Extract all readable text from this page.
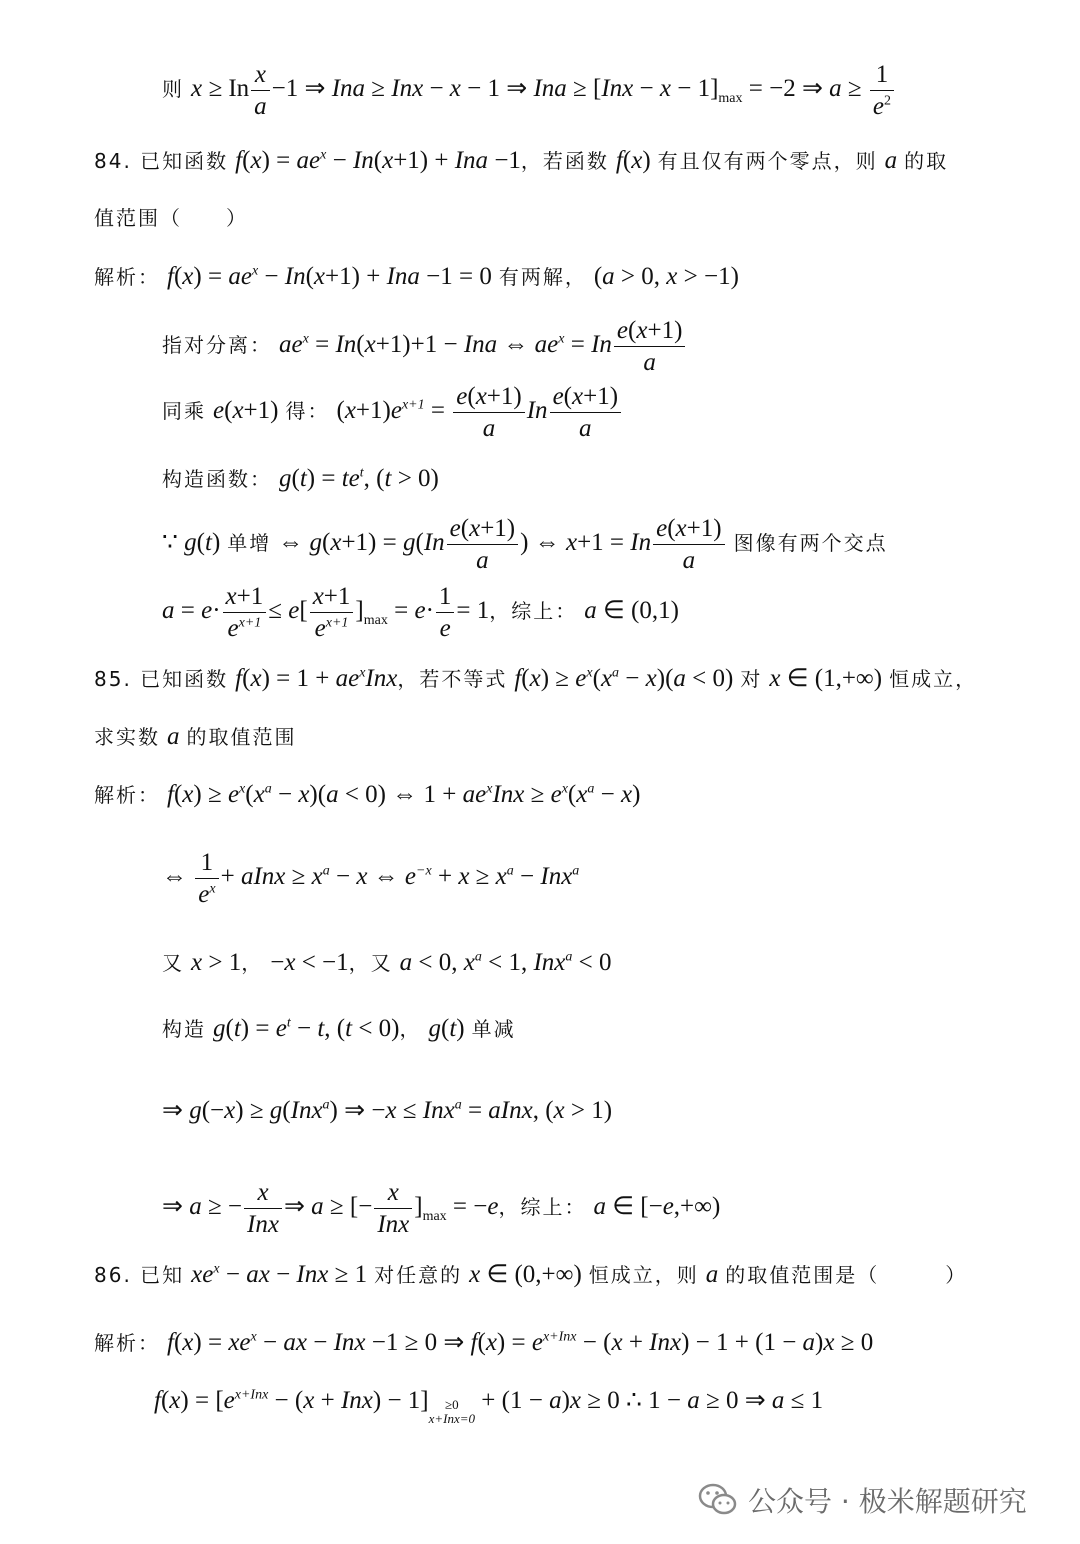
则 x ≥ In $\frac{x}{a} -1$ ⇒ Ina ≥ Inx − x − 1 ⇒ Ina ≥ $[Inx - x - 1]_{max} = -2$ ⇒ $a \ge \frac{1}{e^2}$
84. 已知函数 $f(x) = ae^x - In(x+1)$ + Ina −1，若函数 f(x) 有且仅有两个零点，则 a 的取
值范围（　　）
解析： $f(x) = ae^x - In(x+1)$ + Ina −1 = 0 有两解， (a > 0, x > −1)
指对分离： $ae^x = In(x+1)+1$ − Ina ⇔ $ae^x = In \frac{e(x+1)}{a}$
同乘 e(x+1) 得： $(x+1)e^{x+1} = \frac{e(x+1)}{a}$ In $\frac{e(x+1)}{a}$
构造函数： $g(t) = te^t$, (t > 0)
∵ g(t) 单增 ⇔ $g(x+1) = g(In \frac{e(x+1)}{a}$ ) ⇔ x+1 = In $\frac{e(x+1)}{a}$ 图像有两个交点
$a = e\cdot \frac{x+1}{e^{x+1}} \le e[ \frac{x+1}{e^{x+1}} ]_{max} = e\cdot \frac{1}{e} = 1$，综上： a ∈ (0,1)
85. 已知函数 $f(x) = 1 + ae^xInx$，若不等式 $f(x) \ge e^x(x^a - x)(a < 0)$ 对 x ∈ (1,+∞) 恒成立，
求实数 a 的取值范围
解析： $f(x) \ge e^x(x^a - x)(a < 0)$ ⇔ $1 + ae^xInx \ge e^x(x^a - x)$
⇔ $\frac{1}{e^x}$ + aInx ≥ $x^a - x$ ⇔ $e^{-x} + x \ge x^a - Inx^a$
又 x > 1， −x < −1，又 a < 0, $x^a < 1$, Inx$^a$ < 0
构造 $g(t) = e^t - t$, (t < 0)， g(t) 单减
⇒ g(−x) ≥ g(Inx$^a$) ⇒ −x ≤ Inx$^a$ = aInx, (x > 1)
⇒ a ≥ − $\frac{x}{\text{Inx}}$ ⇒ a ≥ [− $\frac{x}{\text{Inx}} ]_{max} = -e$，综上： a ∈ [−e,+∞)
86. 已知 $xe^x$ − ax − Inx ≥ 1 对任意的 x ∈ (0,+∞) 恒成立，则 a 的取值范围是（　　　）
解析： $f(x) = xe^x$ − ax − Inx −1 ≥ 0 ⇒ $f(x) = e^{x+Inx} - (x + Inx) - 1 + (1 - a)x \ge 0$
$f(x) = [e^{x+Inx} - (x + Inx) - 1]$	≥0
x+Inx=0
+ (1 − a)x ≥ 0 ∴ 1 − a ≥ 0 ⇒ a ≤ 1
公众号 · 极米解题研究
